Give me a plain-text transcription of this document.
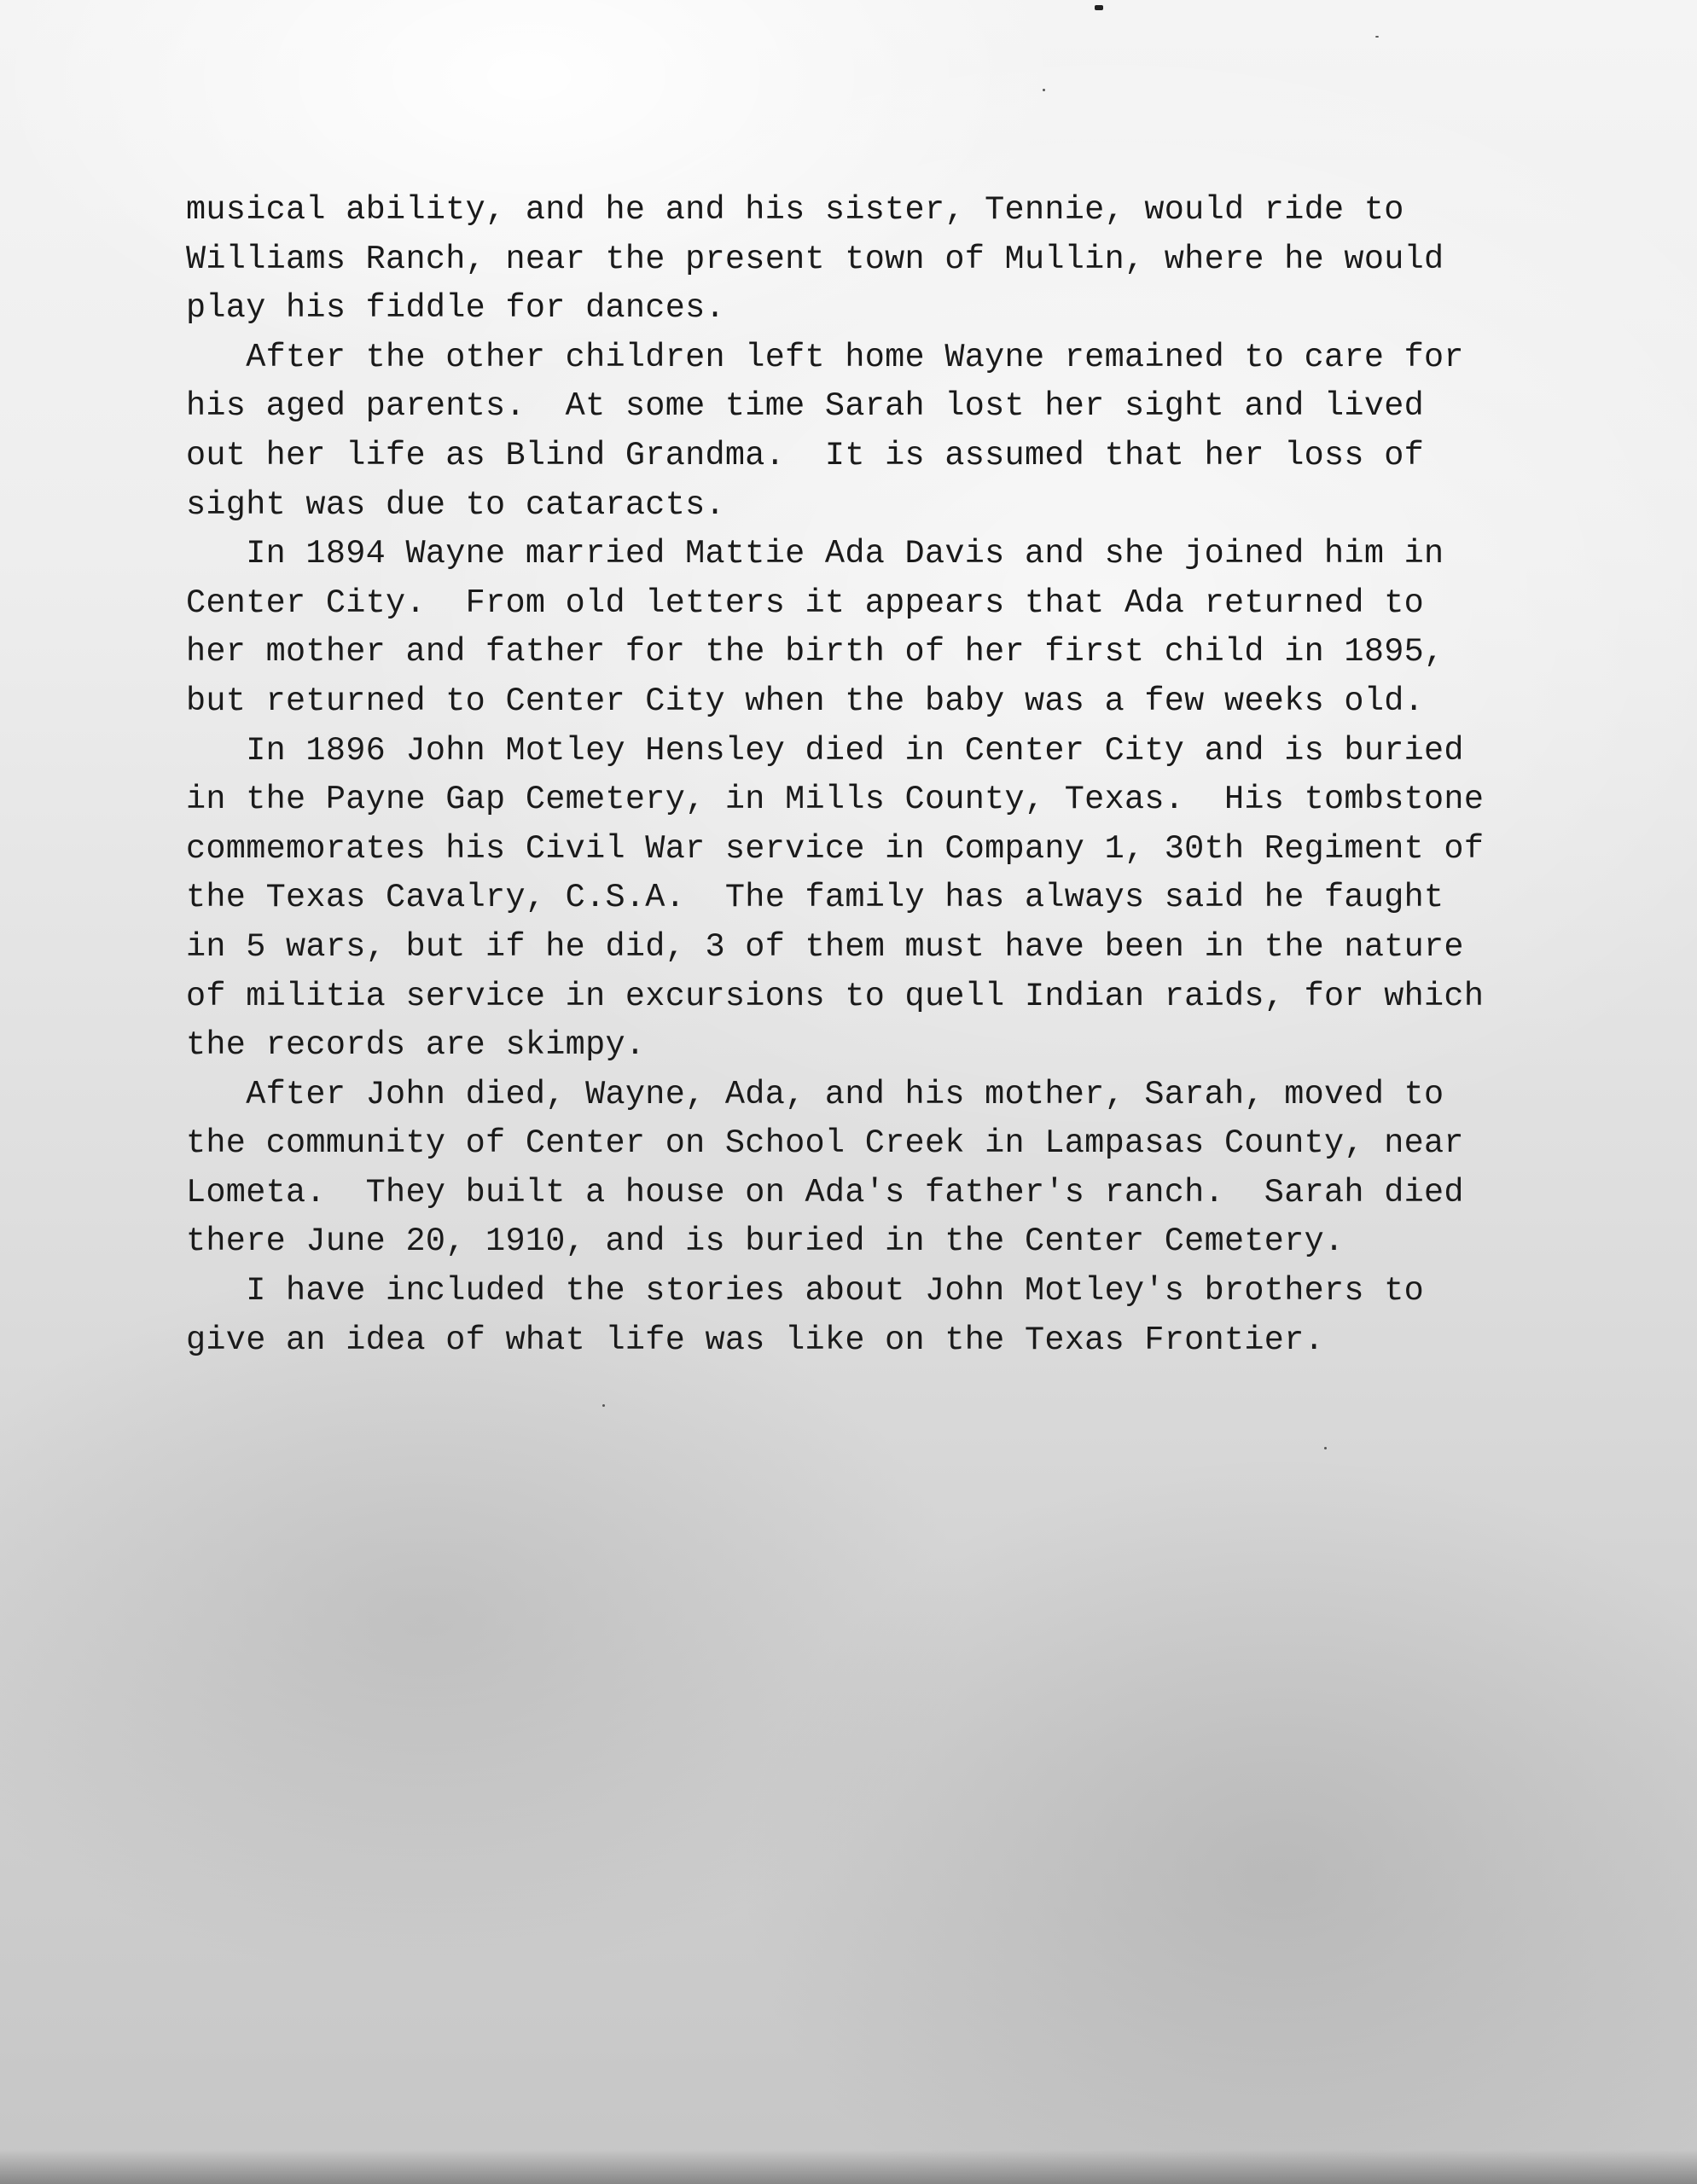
musical ability, and he and his sister, Tennie, would ride to
Williams Ranch, near the present town of Mullin, where he would
play his fiddle for dances.
After the other children left home Wayne remained to care for
his aged parents.  At some time Sarah lost her sight and lived
out her life as Blind Grandma.  It is assumed that her loss of
sight was due to cataracts.
In 1894 Wayne married Mattie Ada Davis and she joined him in
Center City.  From old letters it appears that Ada returned to
her mother and father for the birth of her first child in 1895,
but returned to Center City when the baby was a few weeks old.
In 1896 John Motley Hensley died in Center City and is buried
in the Payne Gap Cemetery, in Mills County, Texas.  His tombstone
commemorates his Civil War service in Company 1, 30th Regiment of
the Texas Cavalry, C.S.A.  The family has always said he faught
in 5 wars, but if he did, 3 of them must have been in the nature
of militia service in excursions to quell Indian raids, for which
the records are skimpy.
After John died, Wayne, Ada, and his mother, Sarah, moved to
the community of Center on School Creek in Lampasas County, near
Lometa.  They built a house on Ada's father's ranch.  Sarah died
there June 20, 1910, and is buried in the Center Cemetery.
I have included the stories about John Motley's brothers to
give an idea of what life was like on the Texas Frontier.
